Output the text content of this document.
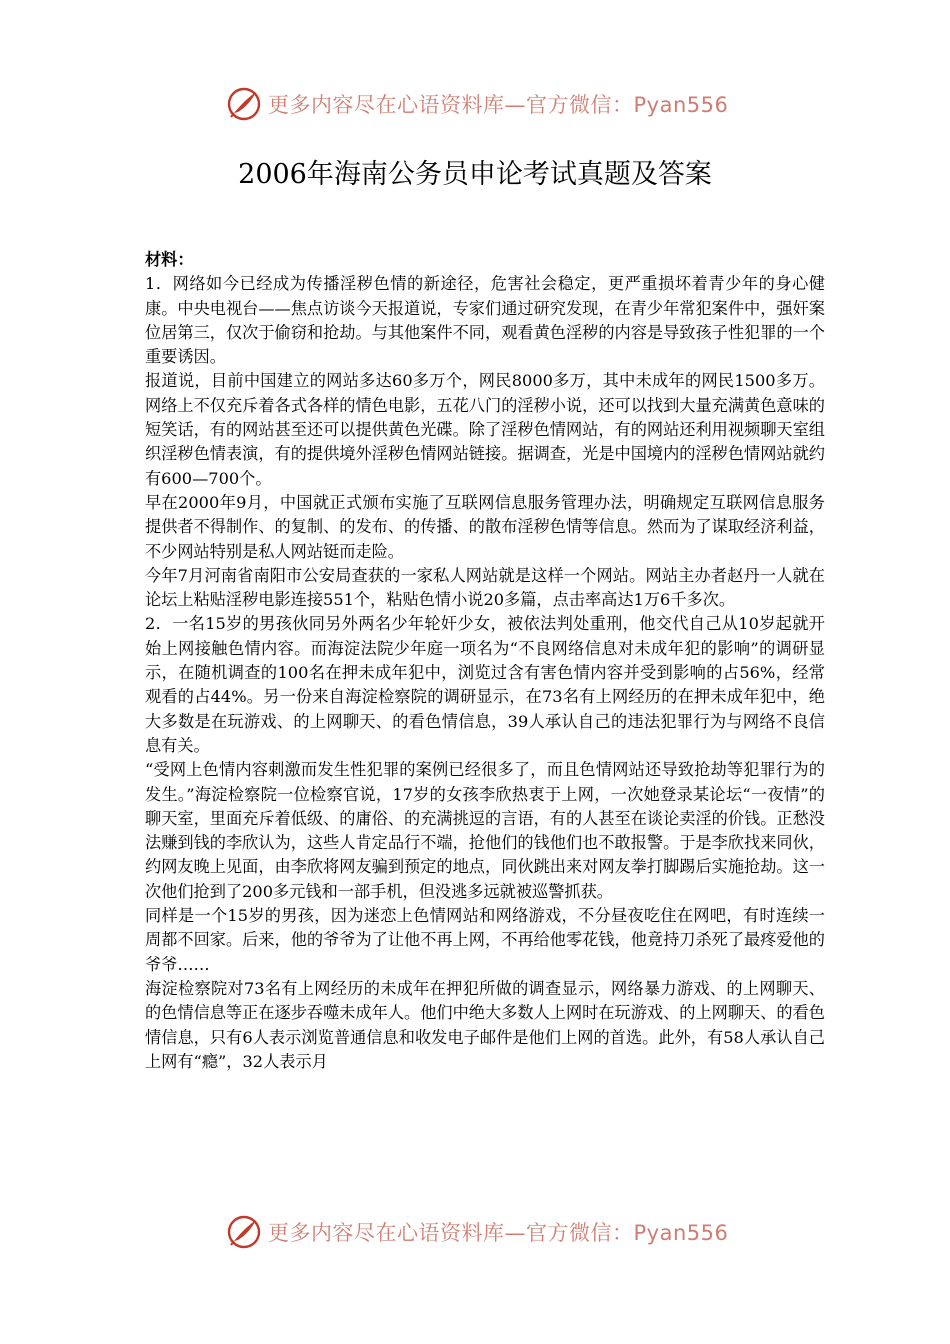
更多内容尽在心语资料库—官方微信：Pyan556
2006年海南公务员申论考试真题及答案

材料：

1．网络如今已经成为传播淫秽色情的新途径，危害社会稳定，更严重损坏着青少年的身心健康。中央电视台——焦点访谈今天报道说，专家们通过研究发现，在青少年常犯案件中，强奸案位居第三，仅次于偷窃和抢劫。与其他案件不同，观看黄色淫秽的内容是导致孩子性犯罪的一个重要诱因。

报道说，目前中国建立的网站多达60多万个，网民8000多万，其中未成年的网民1500多万。网络上不仅充斥着各式各样的情色电影，五花八门的淫秽小说，还可以找到大量充满黄色意味的短笑话，有的网站甚至还可以提供黄色光碟。除了淫秽色情网站，有的网站还利用视频聊天室组织淫秽色情表演，有的提供境外淫秽色情网站链接。据调查，光是中国境内的淫秽色情网站就约有600—700个。

早在2000年9月，中国就正式颁布实施了互联网信息服务管理办法，明确规定互联网信息服务提供者不得制作、的复制、的发布、的传播、的散布淫秽色情等信息。然而为了谋取经济利益，不少网站特别是私人网站铤而走险。

今年7月河南省南阳市公安局查获的一家私人网站就是这样一个网站。网站主办者赵丹一人就在论坛上粘贴淫秽电影连接551个，粘贴色情小说20多篇，点击率高达1万6千多次。

2．一名15岁的男孩伙同另外两名少年轮奸少女，被依法判处重刑，他交代自己从10岁起就开始上网接触色情内容。而海淀法院少年庭一项名为“不良网络信息对未成年犯的影响”的调研显示，在随机调查的100名在押未成年犯中，浏览过含有害色情内容并受到影响的占56%，经常观看的占44%。另一份来自海淀检察院的调研显示，在73名有上网经历的在押未成年犯中，绝大多数是在玩游戏、的上网聊天、的看色情信息，39人承认自己的违法犯罪行为与网络不良信息有关。

“受网上色情内容刺激而发生性犯罪的案例已经很多了，而且色情网站还导致抢劫等犯罪行为的发生。”海淀检察院一位检察官说，17岁的女孩李欣热衷于上网，一次她登录某论坛“一夜情”的聊天室，里面充斥着低级、的庸俗、的充满挑逗的言语，有的人甚至在谈论卖淫的价钱。正愁没法赚到钱的李欣认为，这些人肯定品行不端，抢他们的钱他们也不敢报警。于是李欣找来同伙，约网友晚上见面，由李欣将网友骗到预定的地点，同伙跳出来对网友拳打脚踢后实施抢劫。这一次他们抢到了200多元钱和一部手机，但没逃多远就被巡警抓获。

同样是一个15岁的男孩，因为迷恋上色情网站和网络游戏，不分昼夜吃住在网吧，有时连续一周都不回家。后来，他的爷爷为了让他不再上网，不再给他零花钱，他竟持刀杀死了最疼爱他的爷爷……

海淀检察院对73名有上网经历的未成年在押犯所做的调查显示，网络暴力游戏、的上网聊天、的色情信息等正在逐步吞噬未成年人。他们中绝大多数人上网时在玩游戏、的上网聊天、的看色情信息，只有6人表示浏览普通信息和收发电子邮件是他们上网的首选。此外，有58人承认自己上网有“瘾”，32人表示月

更多内容尽在心语资料库—官方微信：Pyan556
